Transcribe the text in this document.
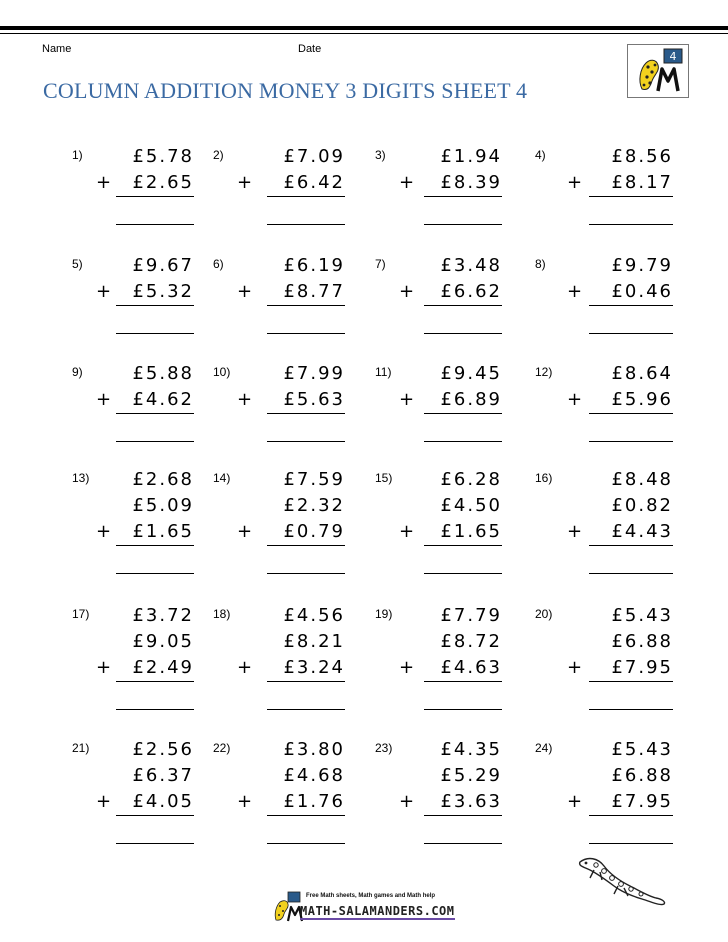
Name	Date
COLUMN ADDITION MONEY 3 DIGITS SHEET 4
4
1)	£5.78
£2.65
+
2)	£7.09
£6.42
+
3)	£1.94
£8.39
+
4)	£8.56
£8.17
+
5)	£9.67
£5.32
+
6)	£6.19
£8.77
+
7)	£3.48
£6.62
+
8)	£9.79
£0.46
+
9)	£5.88
£4.62
+
10)	£7.99
£5.63
+
11)	£9.45
£6.89
+
12)	£8.64
£5.96
+
13)	£2.68
£5.09
£1.65
+
14)	£7.59
£2.32
£0.79
+
15)	£6.28
£4.50
£1.65
+
16)	£8.48
£0.82
£4.43
+
17)	£3.72
£9.05
£2.49
+
18)	£4.56
£8.21
£3.24
+
19)	£7.79
£8.72
£4.63
+
20)	£5.43
£6.88
£7.95
+
21)	£2.56
£6.37
£4.05
+
22)	£3.80
£4.68
£1.76
+
23)	£4.35
£5.29
£3.63
+
24)	£5.43
£6.88
£7.95
+
Free Math sheets, Math games and Math help
MATH-SALAMANDERS.COM
